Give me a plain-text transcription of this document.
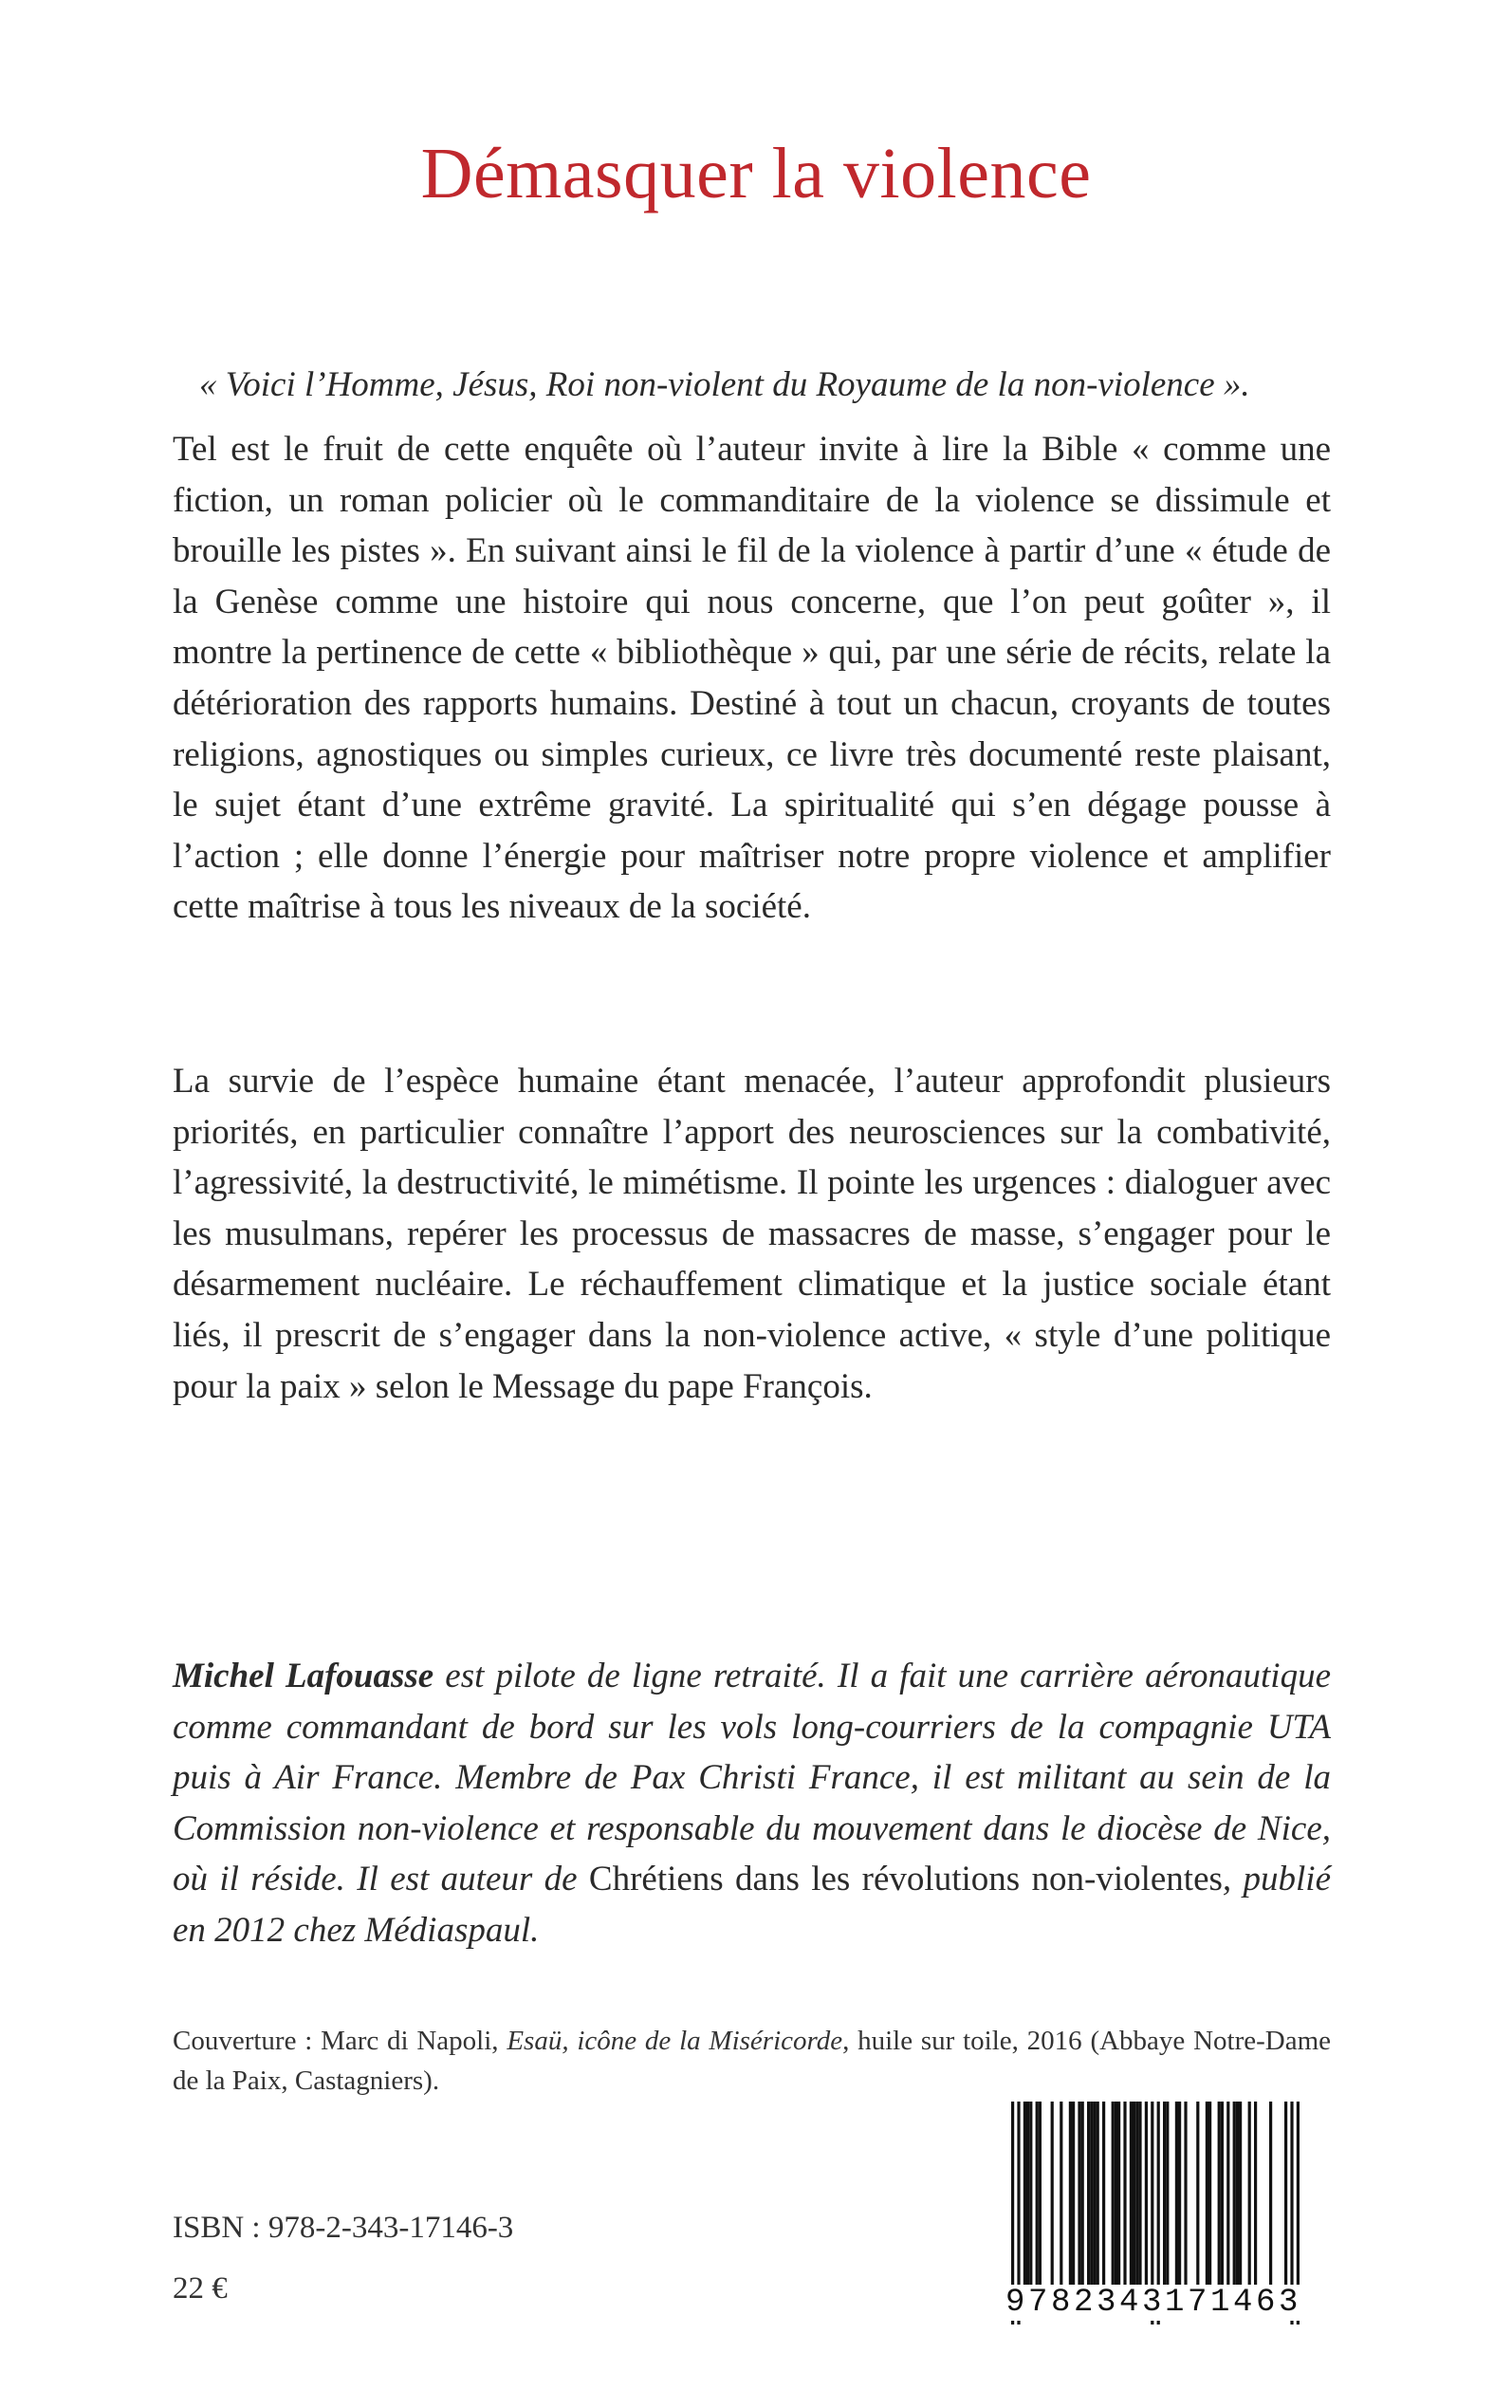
Démasquer la violence

« Voici l’Homme, Jésus, Roi non-violent du Royaume de la non-violence ».

Tel est le fruit de cette enquête où l’auteur invite à lire la Bible « comme une fiction, un roman policier où le commanditaire de la violence se dissimule et brouille les pistes ». En suivant ainsi le fil de la violence à partir d’une « étude de la Genèse comme une histoire qui nous concerne, que l’on peut goûter », il montre la pertinence de cette « bibliothèque » qui, par une série de récits, relate la détérioration des rapports humains. Destiné à tout un chacun, croyants de toutes religions, agnostiques ou simples curieux, ce livre très documenté reste plaisant, le sujet étant d’une extrême gravité. La spiritualité qui s’en dégage pousse à l’action ; elle donne l’énergie pour maîtriser notre propre violence et amplifier cette maîtrise à tous les niveaux de la société.

La survie de l’espèce humaine étant menacée, l’auteur approfondit plusieurs priorités, en particulier connaître l’apport des neurosciences sur la combativité, l’agressivité, la destructivité, le mimétisme. Il pointe les urgences : dialoguer avec les musulmans, repérer les processus de massacres de masse, s’engager pour le désarmement nucléaire. Le réchauffement climatique et la justice sociale étant liés, il prescrit de s’engager dans la non-violence active, « style d’une politique pour la paix » selon le Message du pape François.

Michel Lafouasse est pilote de ligne retraité. Il a fait une carrière aéronautique comme commandant de bord sur les vols long-courriers de la compagnie UTA puis à Air France. Membre de Pax Christi France, il est militant au sein de la Commission non-violence et responsable du mouvement dans le diocèse de Nice, où il réside. Il est auteur de Chrétiens dans les révolutions non-violentes, publié en 2012 chez Médiaspaul.

Couverture : Marc di Napoli, Esaü, icône de la Miséricorde, huile sur toile, 2016 (Abbaye Notre-Dame de la Paix, Castagniers).

9782343171463

ISBN : 978-2-343-17146-3

22 €
